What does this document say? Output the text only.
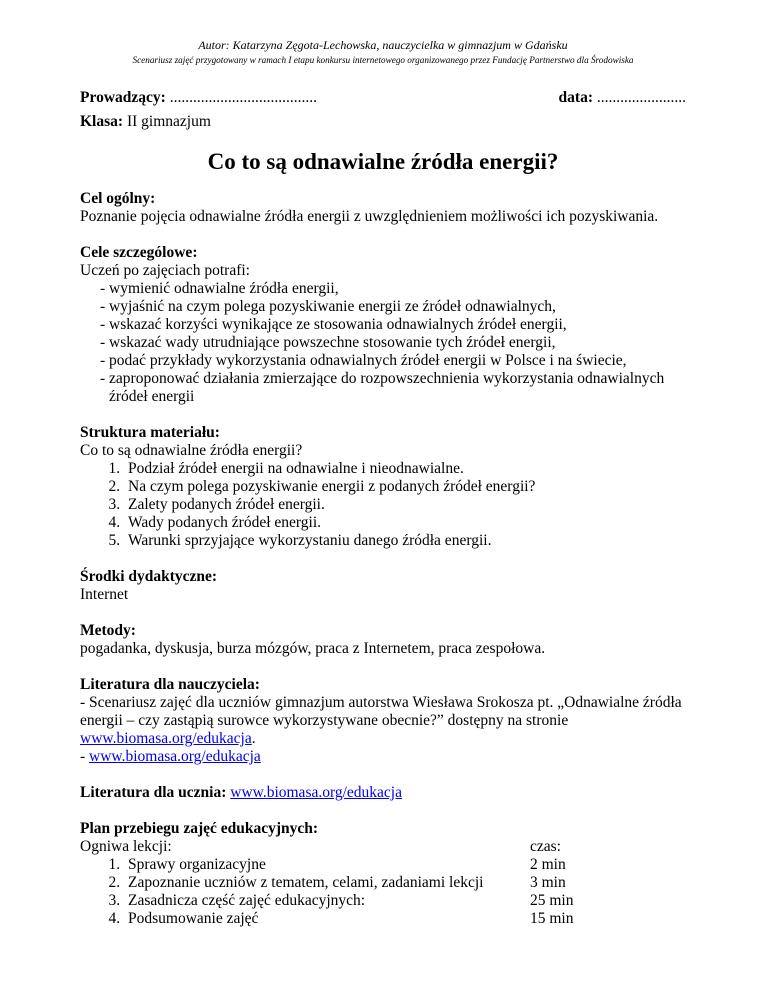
Autor: Katarzyna Zęgota-Lechowska, nauczycielka w gimnazjum w Gdańsku
Scenariusz zajęć przygotowany w ramach I etapu konkursu internetowego organizowanego przez Fundację Partnerstwo dla Środowiska
Prowadzący: ......................................	data: .......................
Klasa: II gimnazjum
Co to są odnawialne źródła energii?
Cel ogólny:
Poznanie pojęcia odnawialne źródła energii z uwzględnieniem możliwości ich pozyskiwania.
Cele szczególowe:
Uczeń po zajęciach potrafi:
- wymienić odnawialne źródła energii,
- wyjaśnić na czym polega pozyskiwanie energii ze źródeł odnawialnych,
- wskazać korzyści wynikające ze stosowania odnawialnych źródeł energii,
- wskazać wady utrudniające powszechne stosowanie tych źródeł energii,
- podać przykłady wykorzystania odnawialnych źródeł energii w Polsce i na świecie,
- zaproponować działania zmierzające do rozpowszechnienia wykorzystania odnawialnych źródeł energii
Struktura materiału:
Co to są odnawialne źródła energii?
1. Podział źródeł energii na odnawialne i nieodnawialne.
2. Na czym polega pozyskiwanie energii z podanych źródeł energii?
3. Zalety podanych źródeł energii.
4. Wady podanych źródeł energii.
5. Warunki sprzyjające wykorzystaniu danego źródła energii.
Środki dydaktyczne:
Internet
Metody:
pogadanka, dyskusja, burza mózgów, praca z Internetem, praca zespołowa.
Literatura dla nauczyciela:
- Scenariusz zajęć dla uczniów gimnazjum autorstwa Wiesława Srokosza pt. „Odnawialne źródła energii – czy zastąpią surowce wykorzystywane obecnie?” dostępny na stronie www.biomasa.org/edukacja.
- www.biomasa.org/edukacja
Literatura dla ucznia: www.biomasa.org/edukacja
Plan przebiegu zajęć edukacyjnych:
Ogniwa lekcji:
1. Sprawy organizacyjne
2. Zapoznanie uczniów z tematem, celami, zadaniami lekcji
3. Zasadnicza część zajęć edukacyjnych:
4. Podsumowanie zajęć
czas:
2 min
3 min
25 min
15 min
